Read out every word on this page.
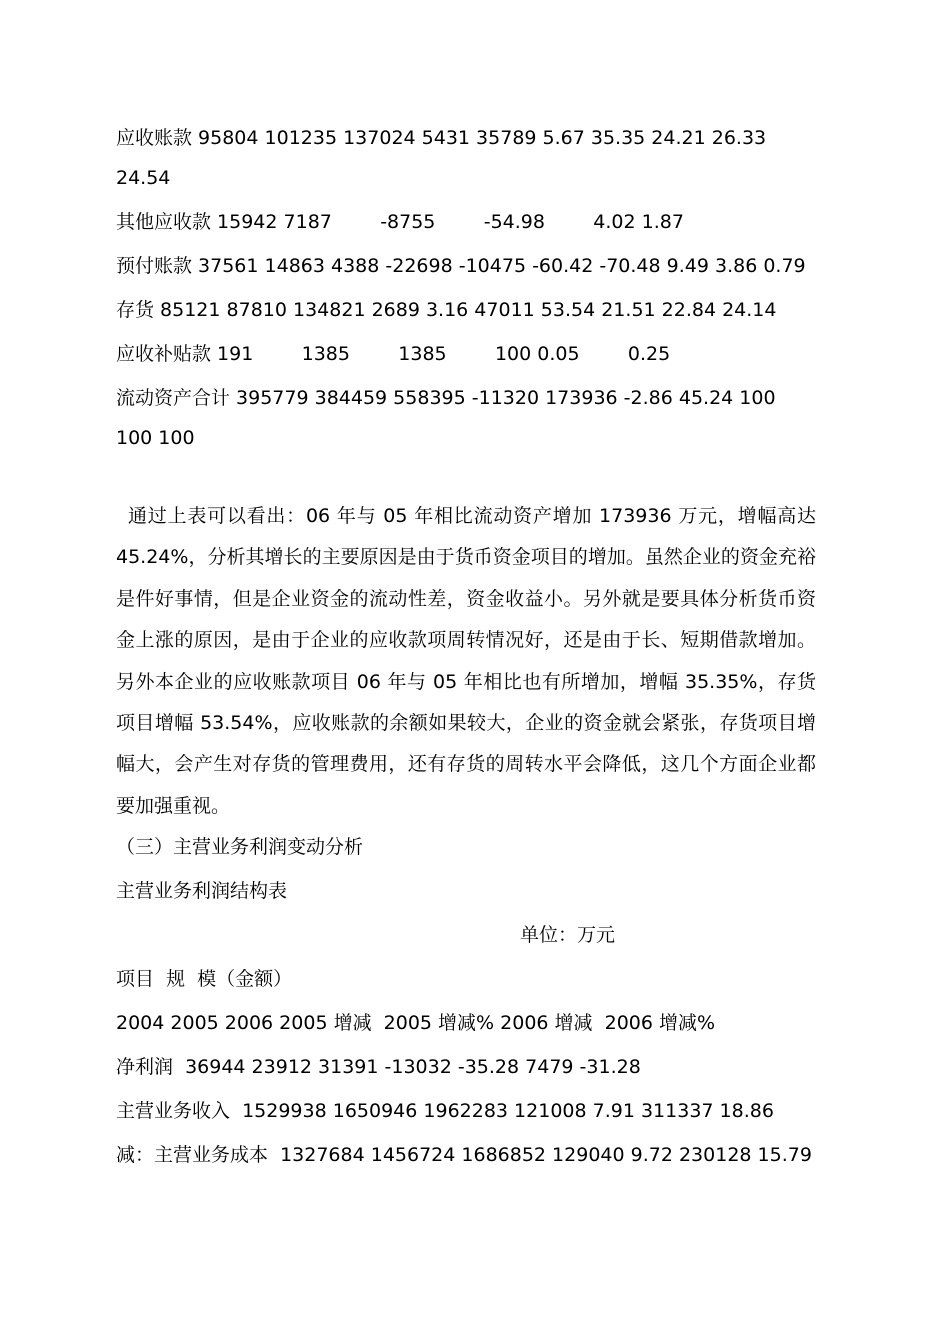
应收账款 95804 101235 137024 5431 35789 5.67 35.35 24.21 26.33 24.54
其他应收款 15942 7187        -8755        -54.98        4.02 1.87
预付账款 37561 14863 4388 -22698 -10475 -60.42 -70.48 9.49 3.86 0.79
存货 85121 87810 134821 2689 3.16 47011 53.54 21.51 22.84 24.14
应收补贴款 191        1385        1385        100 0.05        0.25
流动资产合计 395779 384459 558395 -11320 173936 -2.86 45.24 100 100 100
通过上表可以看出：06 年与 05 年相比流动资产增加 173936 万元，增幅高达 45.24%，分析其增长的主要原因是由于货币资金项目的增加。虽然企业的资金充裕是件好事情，但是企业资金的流动性差，资金收益小。另外就是要具体分析货币资金上涨的原因，是由于企业的应收款项周转情况好，还是由于长、短期借款增加。另外本企业的应收账款项目 06 年与 05 年相比也有所增加，增幅 35.35%，存货项目增幅 53.54%，应收账款的余额如果较大，企业的资金就会紧张，存货项目增幅大，会产生对存货的管理费用，还有存货的周转水平会降低，这几个方面企业都要加强重视。
（三）主营业务利润变动分析
主营业务利润结构表
单位：万元
项目  规  模（金额）
2004 2005 2006 2005 增减  2005 增减% 2006 增减  2006 增减%
净利润  36944 23912 31391 -13032 -35.28 7479 -31.28
主营业务收入  1529938 1650946 1962283 121008 7.91 311337 18.86
减：主营业务成本  1327684 1456724 1686852 129040 9.72 230128 15.79
